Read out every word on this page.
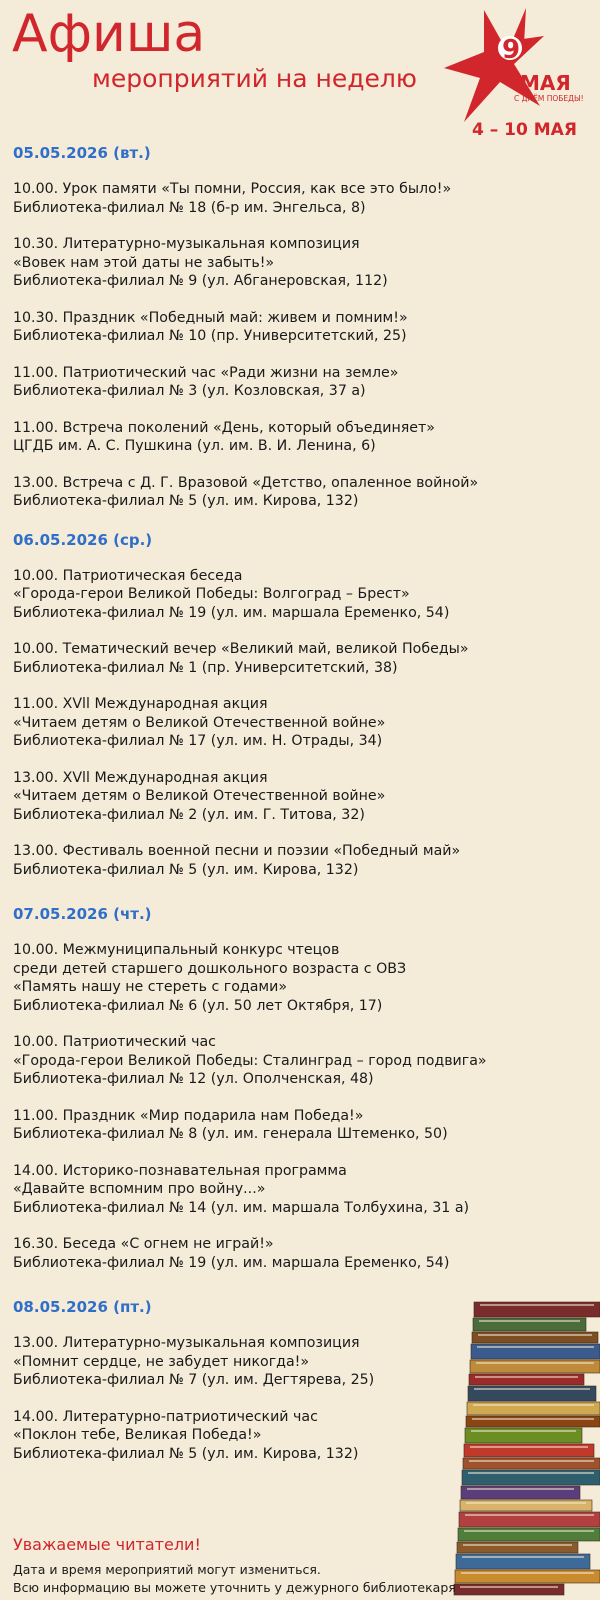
Афиша
мероприятий на неделю
9
МАЯ
С ДНЁМ ПОБЕДЫ!
4 – 10 МАЯ
05.05.2026 (вт.)
10.00. Урок памяти «Ты помни, Россия, как все это было!»
Библиотека-филиал № 18 (б-р им. Энгельса, 8)
10.30. Литературно-музыкальная композиция
«Вовек нам этой даты не забыть!»
Библиотека-филиал № 9 (ул. Абганеровская, 112)
10.30. Праздник «Победный май: живем и помним!»
Библиотека-филиал № 10 (пр. Университетский, 25)
11.00. Патриотический час «Ради жизни на земле»
Библиотека-филиал № 3 (ул. Козловская, 37 а)
11.00. Встреча поколений «День, который объединяет»
ЦГДБ им. А. С. Пушкина (ул. им. В. И. Ленина, 6)
13.00. Встреча с Д. Г. Вразовой «Детство, опаленное войной»
Библиотека-филиал № 5 (ул. им. Кирова, 132)
06.05.2026 (ср.)
10.00. Патриотическая беседа
«Города-герои Великой Победы: Волгоград – Брест»
Библиотека-филиал № 19 (ул. им. маршала Еременко, 54)
10.00. Тематический вечер «Великий май, великой Победы»
Библиотека-филиал № 1 (пр. Университетский, 38)
11.00. XVll Международная акция
«Читаем детям о Великой Отечественной войне»
Библиотека-филиал № 17 (ул. им. Н. Отрады, 34)
13.00. XVll Международная акция
«Читаем детям о Великой Отечественной войне»
Библиотека-филиал № 2 (ул. им. Г. Титова, 32)
13.00. Фестиваль военной песни и поэзии «Победный май»
Библиотека-филиал № 5 (ул. им. Кирова, 132)
07.05.2026 (чт.)
10.00. Межмуниципальный конкурс чтецов
среди детей старшего дошкольного возраста с ОВЗ
«Память нашу не стереть с годами»
Библиотека-филиал № 6 (ул. 50 лет Октября, 17)
10.00. Патриотический час
«Города-герои Великой Победы: Сталинград – город подвига»
Библиотека-филиал № 12 (ул. Ополченская, 48)
11.00. Праздник «Мир подарила нам Победа!»
Библиотека-филиал № 8 (ул. им. генерала Штеменко, 50)
14.00. Историко-познавательная программа
«Давайте вспомним про войну...»
Библиотека-филиал № 14 (ул. им. маршала Толбухина, 31 а)
16.30. Беседа «С огнем не играй!»
Библиотека-филиал № 19 (ул. им. маршала Еременко, 54)
08.05.2026 (пт.)
13.00. Литературно-музыкальная композиция
«Помнит сердце, не забудет никогда!»
Библиотека-филиал № 7 (ул. им. Дегтярева, 25)
14.00. Литературно-патриотический час
«Поклон тебе, Великая Победа!»
Библиотека-филиал № 5 (ул. им. Кирова, 132)
Уважаемые читатели!
Дата и время мероприятий могут измениться.
Всю информацию вы можете уточнить у дежурного библиотекаря
